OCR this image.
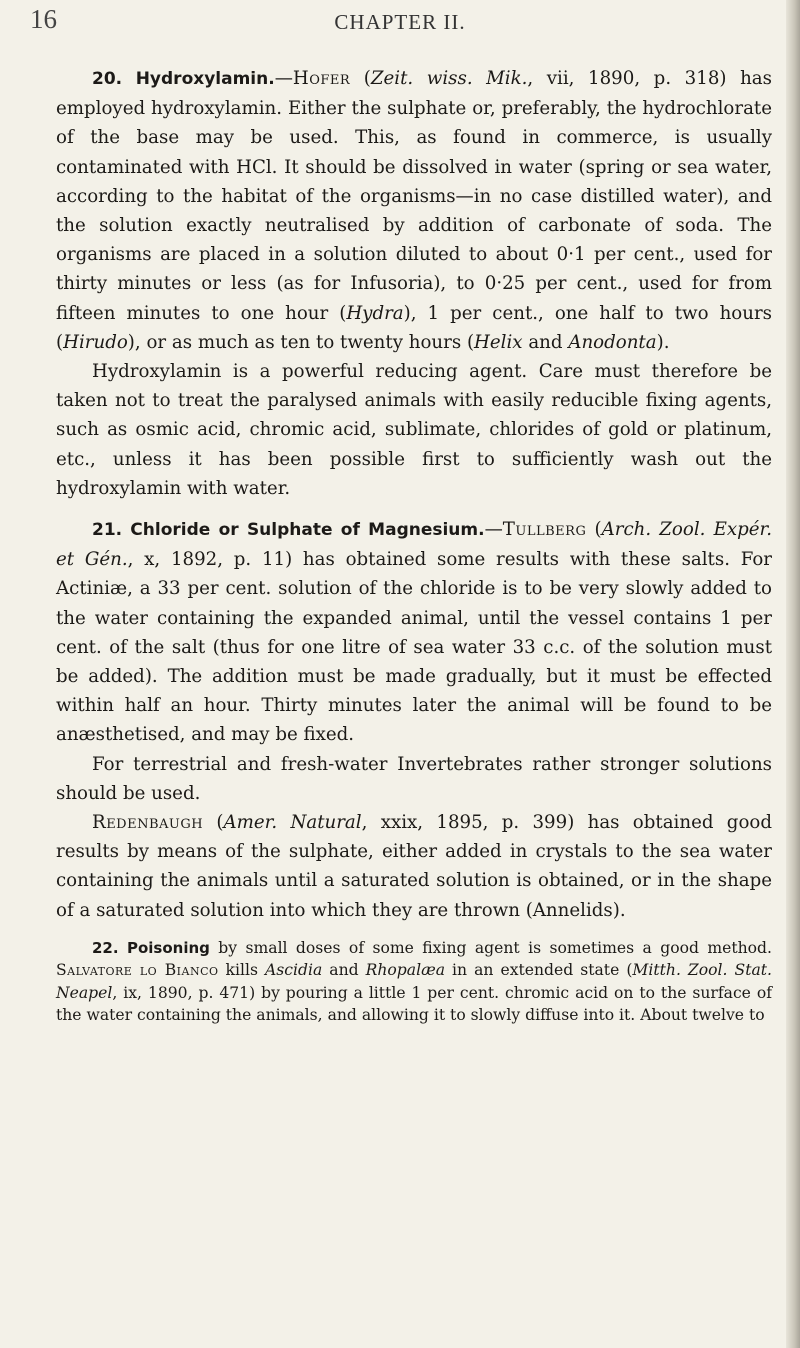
16	CHAPTER II.

20. Hydroxylamin.—Hofer (Zeit. wiss. Mik., vii, 1890, p. 318) has employed hydroxylamin. Either the sulphate or, preferably, the hydrochlorate of the base may be used. This, as found in commerce, is usually contaminated with HCl. It should be dissolved in water (spring or sea water, according to the habitat of the organisms—in no case distilled water), and the solution exactly neutralised by addition of carbonate of soda. The organisms are placed in a solution diluted to about 0·1 per cent., used for thirty minutes or less (as for Infusoria), to 0·25 per cent., used for from fifteen minutes to one hour (Hydra), 1 per cent., one half to two hours (Hirudo), or as much as ten to twenty hours (Helix and Anodonta).

Hydroxylamin is a powerful reducing agent. Care must therefore be taken not to treat the paralysed animals with easily reducible fixing agents, such as osmic acid, chromic acid, sublimate, chlorides of gold or platinum, etc., unless it has been possible first to sufficiently wash out the hydroxylamin with water.

21. Chloride or Sulphate of Magnesium.—Tullberg (Arch. Zool. Expér. et Gén., x, 1892, p. 11) has obtained some results with these salts. For Actiniæ, a 33 per cent. solution of the chloride is to be very slowly added to the water containing the expanded animal, until the vessel contains 1 per cent. of the salt (thus for one litre of sea water 33 c.c. of the solution must be added). The addition must be made gradually, but it must be effected within half an hour. Thirty minutes later the animal will be found to be anæsthetised, and may be fixed.

For terrestrial and fresh-water Invertebrates rather stronger solutions should be used.

Redenbaugh (Amer. Natural, xxix, 1895, p. 399) has obtained good results by means of the sulphate, either added in crystals to the sea water containing the animals until a saturated solution is obtained, or in the shape of a saturated solution into which they are thrown (Annelids).

22. Poisoning by small doses of some fixing agent is sometimes a good method. Salvatore lo Bianco kills Ascidia and Rhopalæa in an extended state (Mitth. Zool. Stat. Neapel, ix, 1890, p. 471) by pouring a little 1 per cent. chromic acid on to the surface of the water containing the animals, and allowing it to slowly diffuse into it. About twelve to
